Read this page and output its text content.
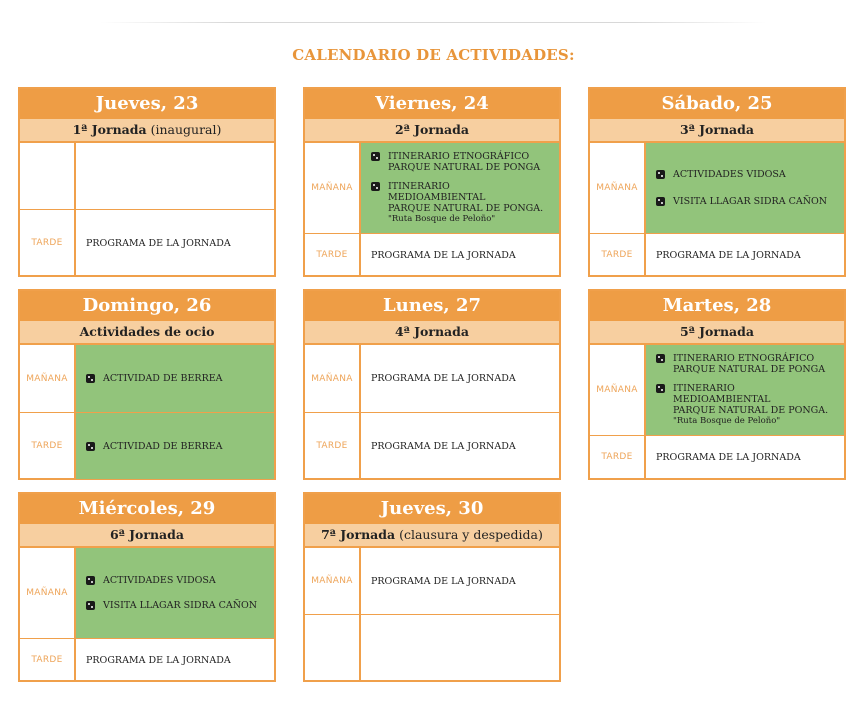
CALENDARIO DE ACTIVIDADES:
Jueves, 23
1ª Jornada (inaugural)
TARDE	PROGRAMA DE LA JORNADA
Viernes, 24
2ª Jornada
MAÑANA
ITINERARIO ETNOGRÁFICO
PARQUE NATURAL DE PONGA
ITINERARIO MEDIOAMBIENTAL
PARQUE NATURAL DE PONGA.
"Ruta Bosque de Peloño"
TARDE	PROGRAMA DE LA JORNADA
Sábado, 25
3ª Jornada
MAÑANA
ACTIVIDADES VIDOSA
VISITA LLAGAR SIDRA CAÑON
TARDE	PROGRAMA DE LA JORNADA
Domingo, 26
Actividades de ocio
MAÑANA	ACTIVIDAD DE BERREA
TARDE	ACTIVIDAD DE BERREA
Lunes, 27
4ª Jornada
MAÑANA	PROGRAMA DE LA JORNADA
TARDE	PROGRAMA DE LA JORNADA
Martes, 28
5ª Jornada
MAÑANA
ITINERARIO ETNOGRÁFICO
PARQUE NATURAL DE PONGA
ITINERARIO MEDIOAMBIENTAL
PARQUE NATURAL DE PONGA.
"Ruta Bosque de Peloño"
TARDE	PROGRAMA DE LA JORNADA
Miércoles, 29
6ª Jornada
MAÑANA
ACTIVIDADES VIDOSA
VISITA LLAGAR SIDRA CAÑON
TARDE	PROGRAMA DE LA JORNADA
Jueves, 30
7ª Jornada (clausura y despedida)
MAÑANA	PROGRAMA DE LA JORNADA
